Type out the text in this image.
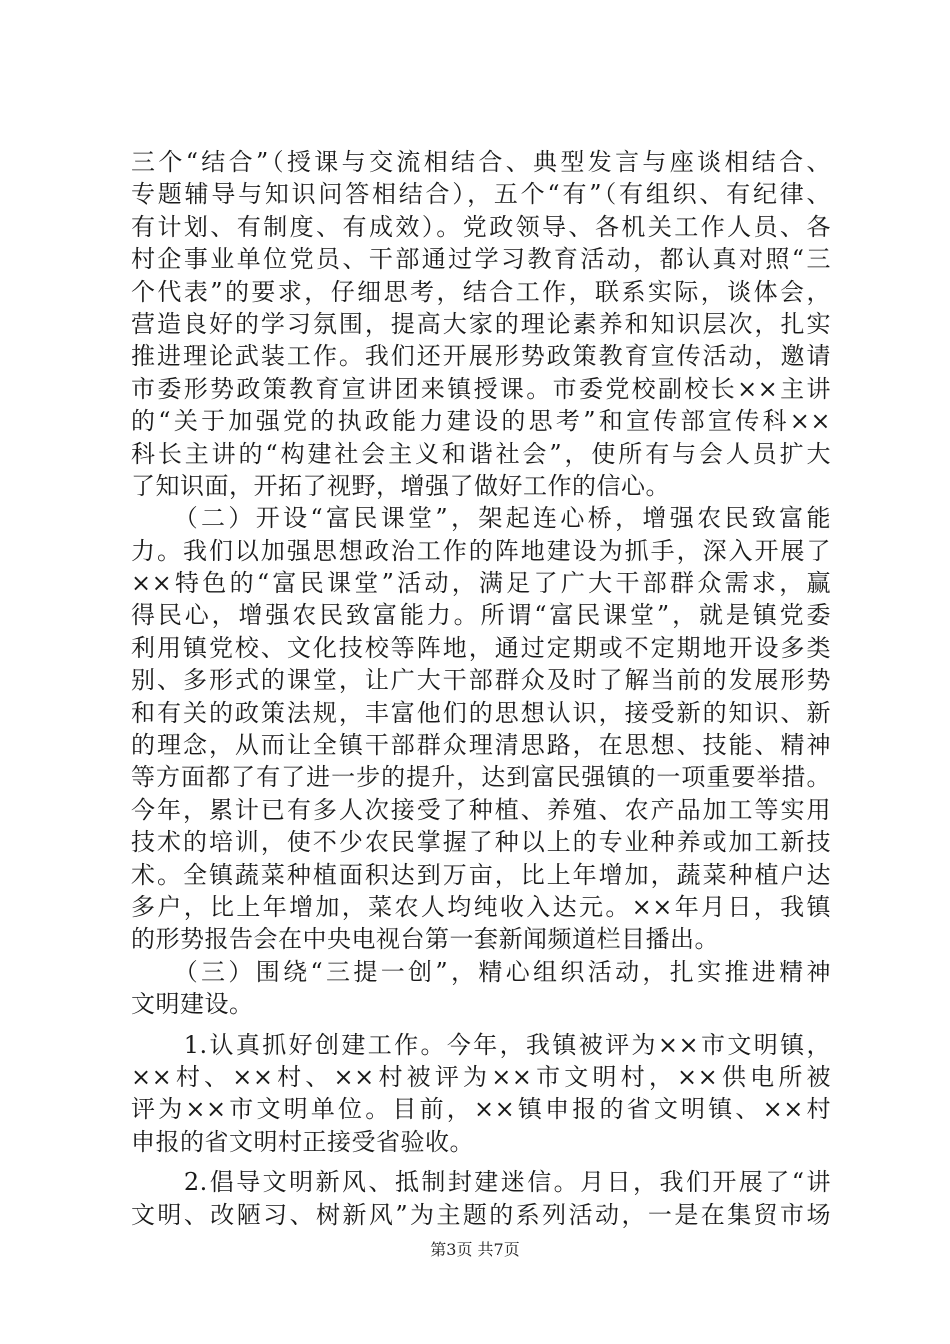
三个“结合”（授课与交流相结合、典型发言与座谈相结合、
专题辅导与知识问答相结合），五个“有”（有组织、有纪律、
有计划、有制度、有成效）。党政领导、各机关工作人员、各
村企事业单位党员、干部通过学习教育活动，都认真对照“三
个代表”的要求，仔细思考，结合工作，联系实际，谈体会，
营造良好的学习氛围，提高大家的理论素养和知识层次，扎实
推进理论武装工作。我们还开展形势政策教育宣传活动，邀请
市委形势政策教育宣讲团来镇授课。市委党校副校长××主讲
的“关于加强党的执政能力建设的思考”和宣传部宣传科××
科长主讲的“构建社会主义和谐社会”，使所有与会人员扩大
了知识面，开拓了视野，增强了做好工作的信心。
　　（二）开设“富民课堂”，架起连心桥，增强农民致富能
力。我们以加强思想政治工作的阵地建设为抓手，深入开展了
××特色的“富民课堂”活动，满足了广大干部群众需求，赢
得民心，增强农民致富能力。所谓“富民课堂”，就是镇党委
利用镇党校、文化技校等阵地，通过定期或不定期地开设多类
别、多形式的课堂，让广大干部群众及时了解当前的发展形势
和有关的政策法规，丰富他们的思想认识，接受新的知识、新
的理念，从而让全镇干部群众理清思路，在思想、技能、精神
等方面都了有了进一步的提升，达到富民强镇的一项重要举措。
今年，累计已有多人次接受了种植、养殖、农产品加工等实用
技术的培训，使不少农民掌握了种以上的专业种养或加工新技
术。全镇蔬菜种植面积达到万亩，比上年增加，蔬菜种植户达
多户，比上年增加，菜农人均纯收入达元。××年月日，我镇
的形势报告会在中央电视台第一套新闻频道栏目播出。
　　（三）围绕“三提一创”，精心组织活动，扎实推进精神
文明建设。
　　1.认真抓好创建工作。今年，我镇被评为××市文明镇，
××村、××村、××村被评为××市文明村，××供电所被
评为××市文明单位。目前，××镇申报的省文明镇、××村
申报的省文明村正接受省验收。
　　2.倡导文明新风、抵制封建迷信。月日，我们开展了“讲
文明、改陋习、树新风”为主题的系列活动，一是在集贸市场
第3页 共7页
